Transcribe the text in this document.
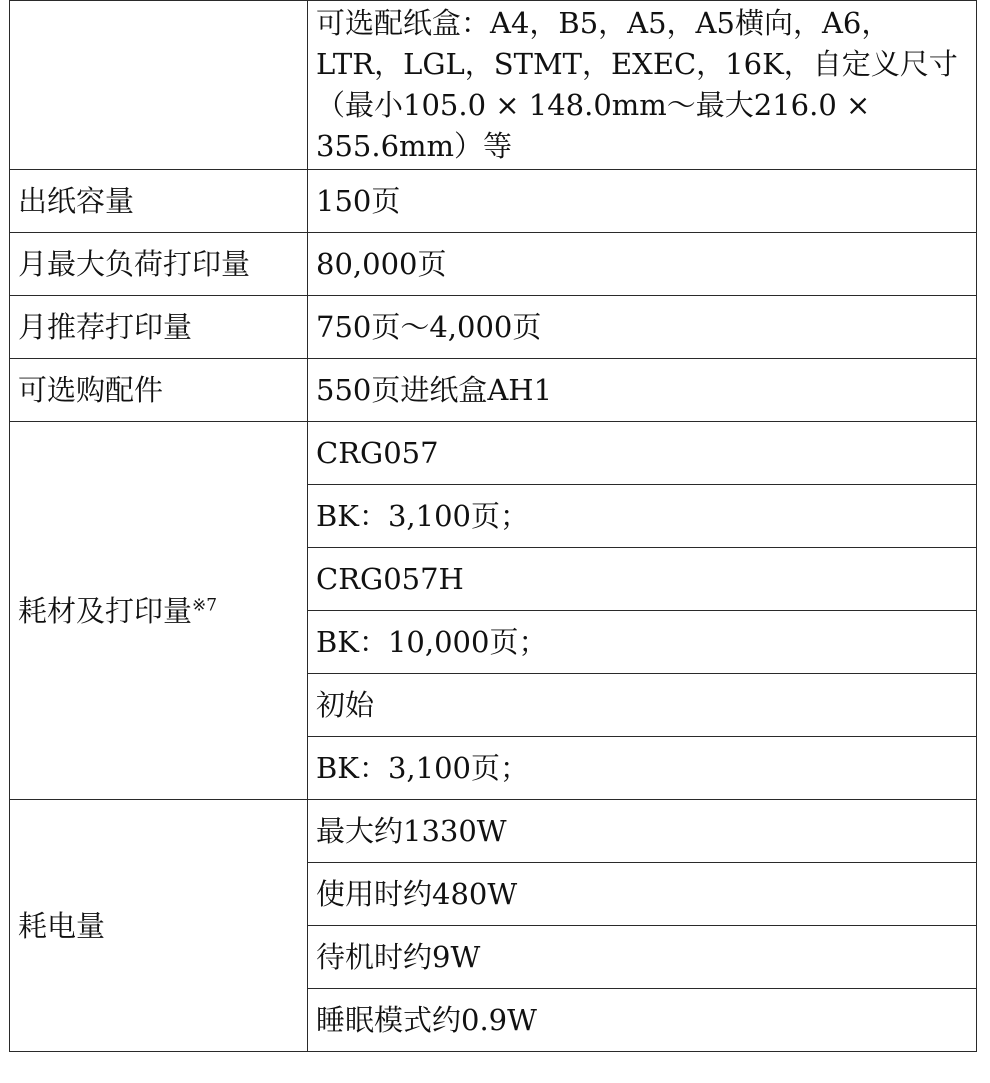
	可选配纸盒：A4，B5，A5，A5横向，A6，
LTR，LGL，STMT，EXEC，16K，自定义尺寸
（最小105.0 × 148.0mm～最大216.0 ×
355.6mm）等

出纸容量	150页
月最大负荷打印量	80,000页
月推荐打印量	750页～4,000页
可选购配件	550页进纸盒AH1
耗材及打印量$^{※7}$	CRG057
	BK：3,100页；
	CRG057H
	BK：10,000页；
	初始
	BK：3,100页；
耗电量	最大约1330W
	使用时约480W
	待机时约9W
	睡眠模式约0.9W
